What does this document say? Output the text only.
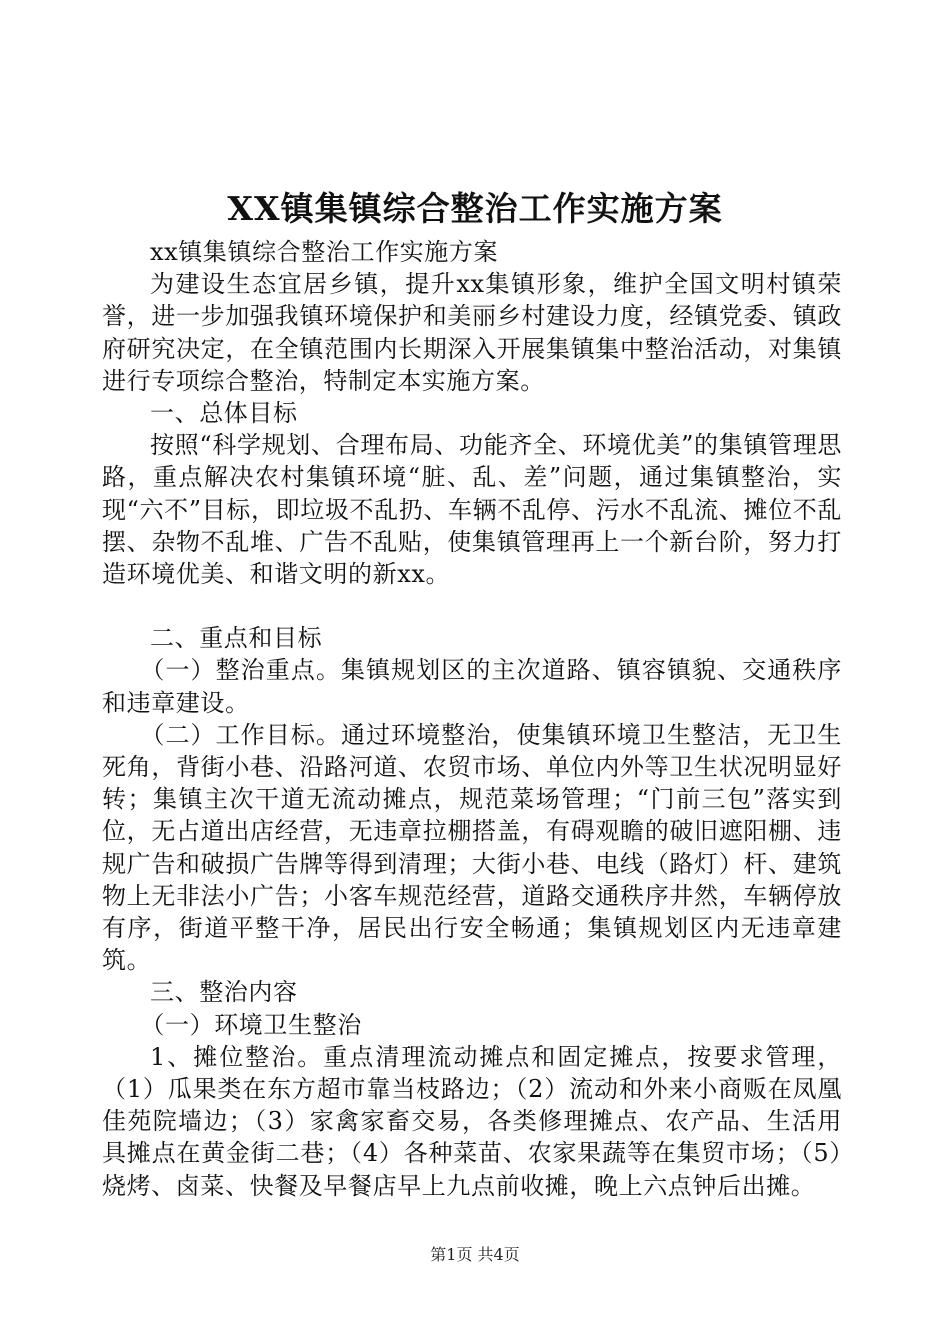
XX镇集镇综合整治工作实施方案

xx镇集镇综合整治工作实施方案

为建设生态宜居乡镇，提升xx集镇形象，维护全国文明村镇荣誉，进一步加强我镇环境保护和美丽乡村建设力度，经镇党委、镇政府研究决定，在全镇范围内长期深入开展集镇集中整治活动，对集镇进行专项综合整治，特制定本实施方案。

一、总体目标

按照“科学规划、合理布局、功能齐全、环境优美”的集镇管理思路，重点解决农村集镇环境“脏、乱、差”问题，通过集镇整治，实现“六不”目标，即垃圾不乱扔、车辆不乱停、污水不乱流、摊位不乱摆、杂物不乱堆、广告不乱贴，使集镇管理再上一个新台阶，努力打造环境优美、和谐文明的新xx。

二、重点和目标

（一）整治重点。集镇规划区的主次道路、镇容镇貌、交通秩序和违章建设。

（二）工作目标。通过环境整治，使集镇环境卫生整洁，无卫生死角，背街小巷、沿路河道、农贸市场、单位内外等卫生状况明显好转；集镇主次干道无流动摊点，规范菜场管理；“门前三包”落实到位，无占道出店经营，无违章拉棚搭盖，有碍观瞻的破旧遮阳棚、违规广告和破损广告牌等得到清理；大街小巷、电线（路灯）杆、建筑物上无非法小广告；小客车规范经营，道路交通秩序井然，车辆停放有序，街道平整干净，居民出行安全畅通；集镇规划区内无违章建筑。

三、整治内容

（一）环境卫生整治

1、摊位整治。重点清理流动摊点和固定摊点，按要求管理，（1）瓜果类在东方超市靠当枝路边；（2）流动和外来小商贩在凤凰佳苑院墙边；（3）家禽家畜交易，各类修理摊点、农产品、生活用具摊点在黄金街二巷；（4）各种菜苗、农家果蔬等在集贸市场；（5）烧烤、卤菜、快餐及早餐店早上九点前收摊，晚上六点钟后出摊。

第1页 共4页
